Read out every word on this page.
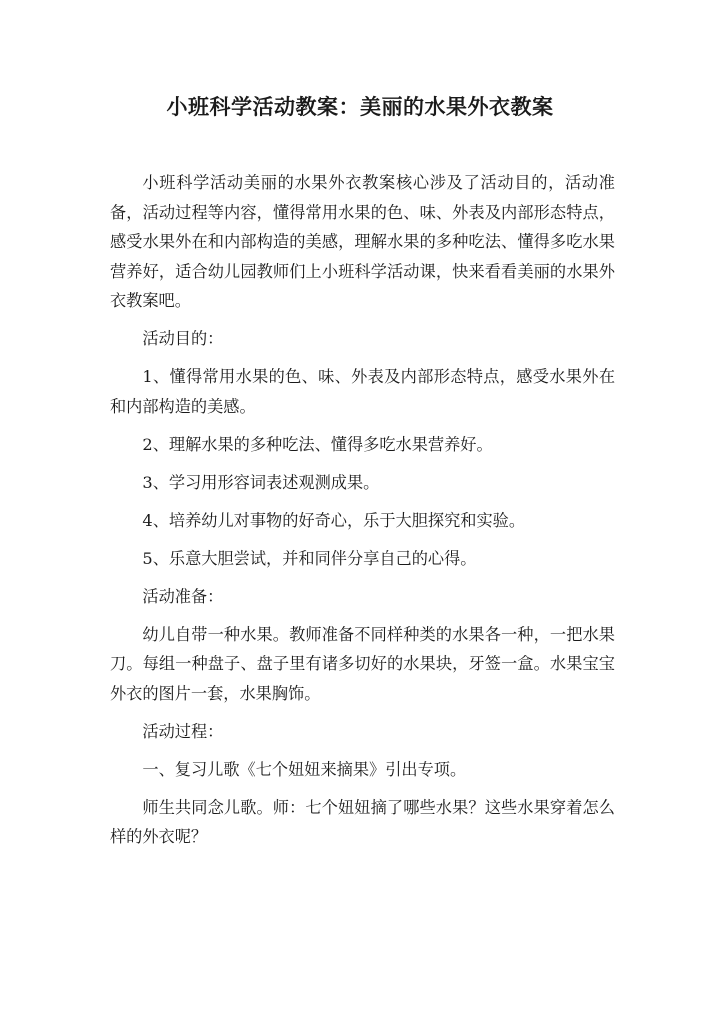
小班科学活动教案：美丽的水果外衣教案

小班科学活动美丽的水果外衣教案核心涉及了活动目的，活动准备，活动过程等内容，懂得常用水果的色、味、外表及内部形态特点，感受水果外在和内部构造的美感，理解水果的多种吃法、懂得多吃水果营养好，适合幼儿园教师们上小班科学活动课，快来看看美丽的水果外衣教案吧。

活动目的：

1、懂得常用水果的色、味、外表及内部形态特点，感受水果外在和内部构造的美感。

2、理解水果的多种吃法、懂得多吃水果营养好。

3、学习用形容词表述观测成果。

4、培养幼儿对事物的好奇心，乐于大胆探究和实验。

5、乐意大胆尝试，并和同伴分享自己的心得。

活动准备：

幼儿自带一种水果。教师准备不同样种类的水果各一种，一把水果刀。每组一种盘子、盘子里有诸多切好的水果块，牙签一盒。水果宝宝外衣的图片一套，水果胸饰。

活动过程：

一、复习儿歌《七个妞妞来摘果》引出专项。

师生共同念儿歌。师：七个妞妞摘了哪些水果？这些水果穿着怎么样的外衣呢？
